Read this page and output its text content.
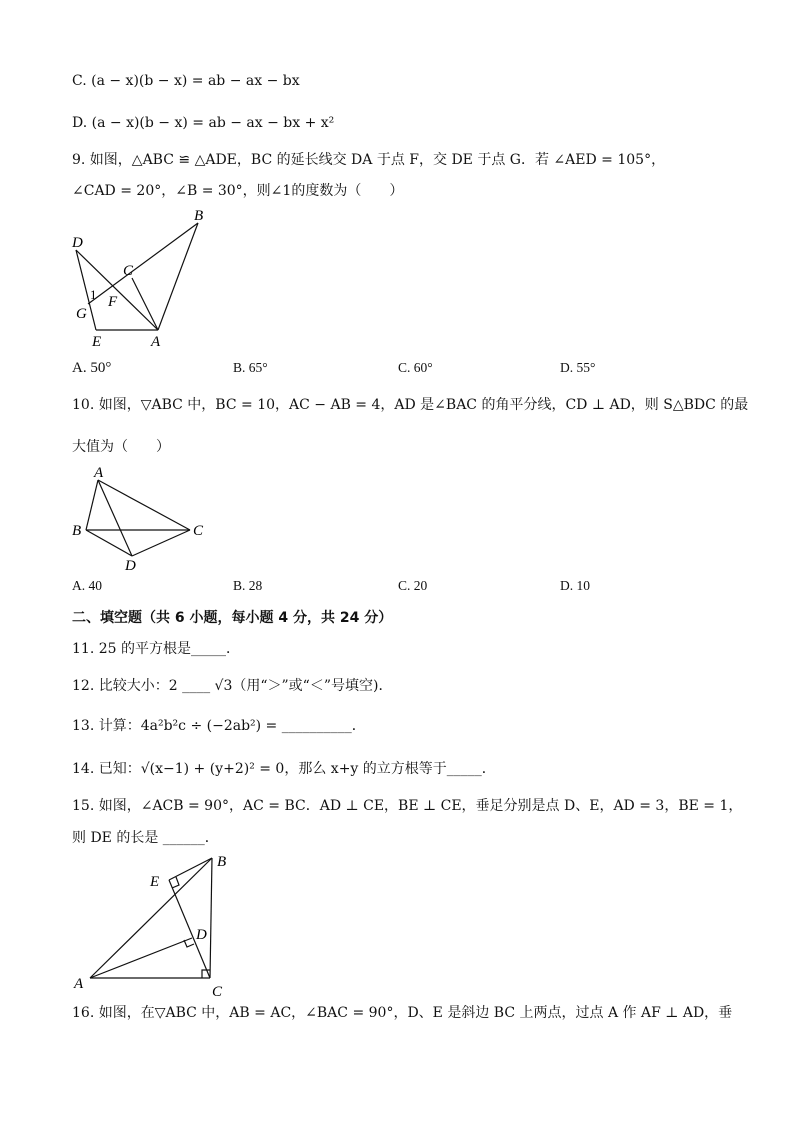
C. (a − x)(b − x) = ab − ax − bx
D. (a − x)(b − x) = ab − ax − bx + x²
9. 如图，△ABC ≌ △ADE，BC 的延长线交 DA 于点 F，交 DE 于点 G．若 ∠AED = 105°，
∠CAD = 20°，∠B = 30°，则∠1的度数为（　　）
B
D
C
1 F
G
E	A
A. 50°	B. 65°	C. 60°	D. 55°
10. 如图，▽ABC 中，BC = 10，AC − AB = 4，AD 是∠BAC 的角平分线，CD ⊥ AD，则 S△BDC 的最
大值为（　　）
A
B	C
D
A. 40	B. 28	C. 20	D. 10
二、填空题（共 6 小题，每小题 4 分，共 24 分）
11. 25 的平方根是_____．
12. 比较大小：2 ____ √3（用“＞”或“＜”号填空)．
13. 计算：4a²b²c ÷ (−2ab²) = __________．
14. 已知：√(x−1) + (y+2)² = 0，那么 x+y 的立方根等于_____．
15. 如图，∠ACB = 90°，AC = BC．AD ⊥ CE，BE ⊥ CE，垂足分别是点 D、E，AD = 3，BE = 1，
则 DE 的长是 ______．
B
E
D
A	C
16. 如图，在▽ABC 中，AB = AC，∠BAC = 90°，D、E 是斜边 BC 上两点，过点 A 作 AF ⊥ AD，垂
